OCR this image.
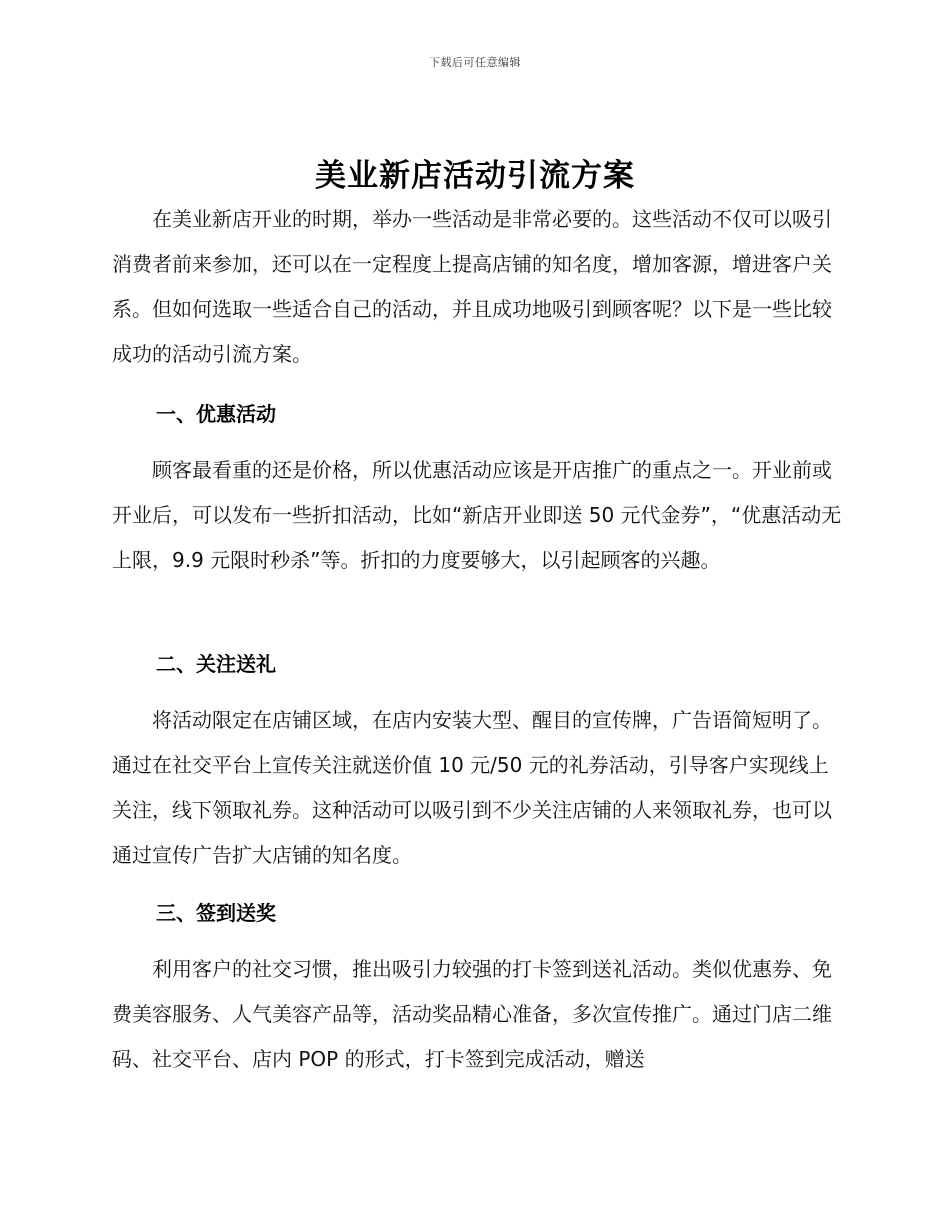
下载后可任意编辑
美业新店活动引流方案

在美业新店开业的时期，举办一些活动是非常必要的。这些活动不仅可以吸引消费者前来参加，还可以在一定程度上提高店铺的知名度，增加客源，增进客户关系。但如何选取一些适合自己的活动，并且成功地吸引到顾客呢？以下是一些比较成功的活动引流方案。

一、优惠活动

顾客最看重的还是价格，所以优惠活动应该是开店推广的重点之一。开业前或开业后，可以发布一些折扣活动，比如“新店开业即送 50 元代金券”，“优惠活动无上限，9.9 元限时秒杀”等。折扣的力度要够大，以引起顾客的兴趣。

二、关注送礼

将活动限定在店铺区域，在店内安装大型、醒目的宣传牌，广告语简短明了。通过在社交平台上宣传关注就送价值 10 元/50 元的礼券活动，引导客户实现线上关注，线下领取礼券。这种活动可以吸引到不少关注店铺的人来领取礼券，也可以通过宣传广告扩大店铺的知名度。

三、签到送奖

利用客户的社交习惯，推出吸引力较强的打卡签到送礼活动。类似优惠券、免费美容服务、人气美容产品等，活动奖品精心准备，多次宣传推广。通过门店二维码、社交平台、店内 POP 的形式，打卡签到完成活动，赠送
